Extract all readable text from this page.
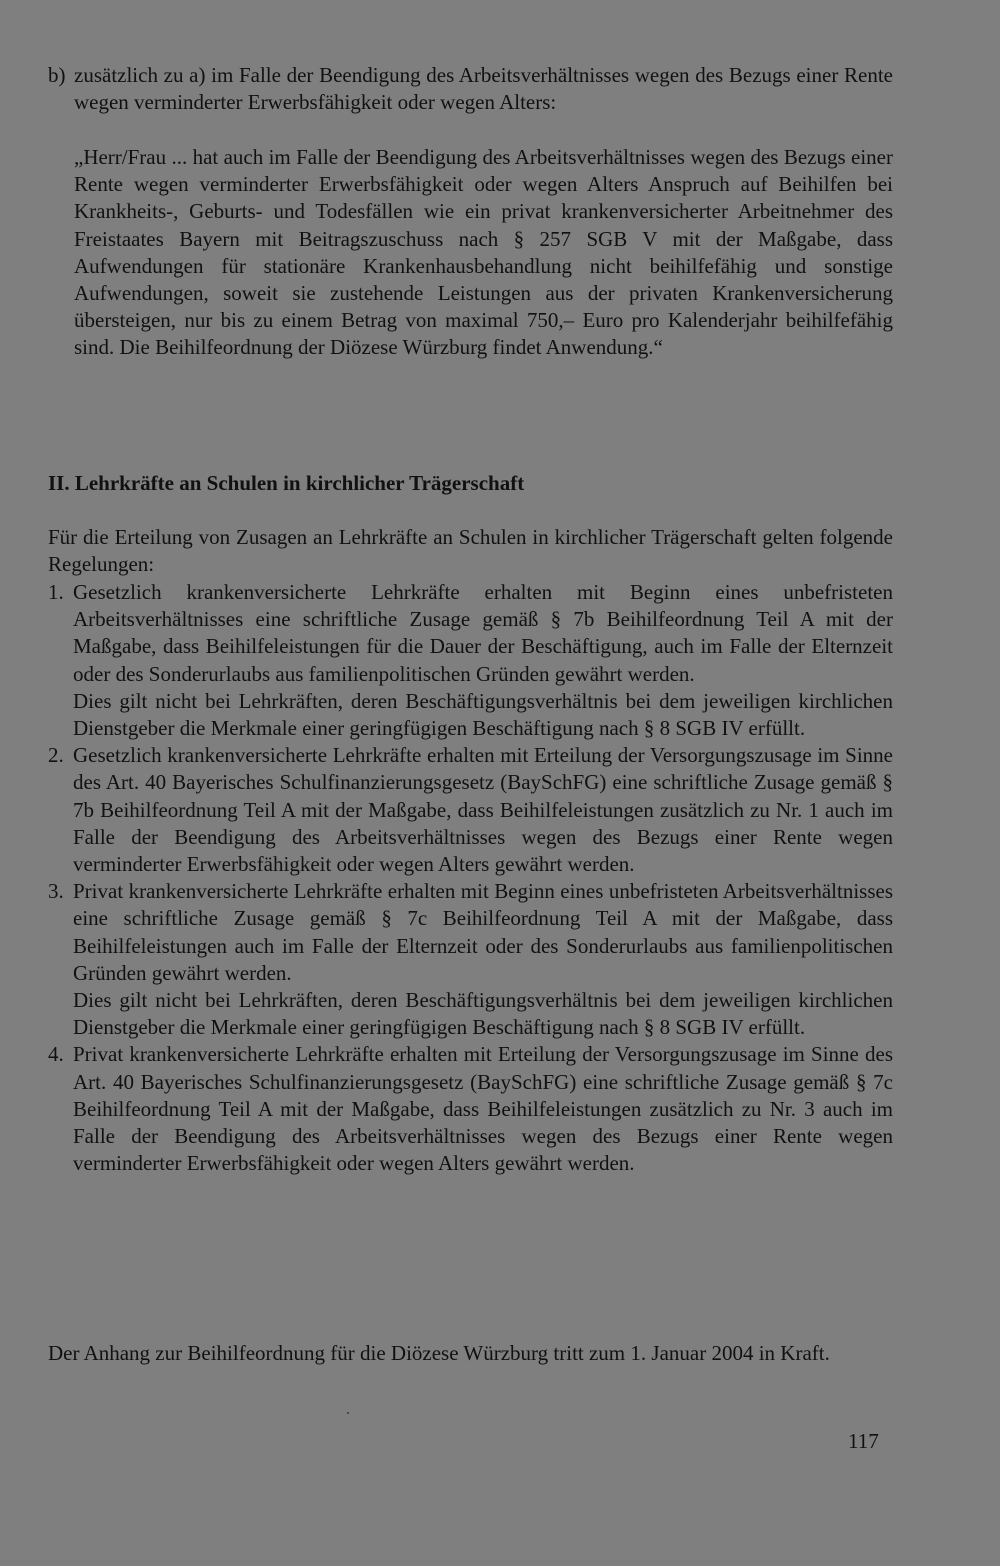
b) zusätzlich zu a) im Falle der Beendigung des Arbeitsverhältnisses wegen des Bezugs einer Rente wegen verminderter Erwerbsfähigkeit oder wegen Alters:
„Herr/Frau ... hat auch im Falle der Beendigung des Arbeitsverhältnisses wegen des Bezugs einer Rente wegen verminderter Erwerbsfähigkeit oder wegen Alters Anspruch auf Beihilfen bei Krankheits-, Geburts- und Todesfällen wie ein privat krankenversicherter Arbeitnehmer des Freistaates Bayern mit Beitragszuschuss nach § 257 SGB V mit der Maßgabe, dass Aufwendungen für stationäre Krankenhausbehandlung nicht beihilfefähig und sonstige Aufwendungen, soweit sie zustehende Leistungen aus der privaten Krankenversicherung übersteigen, nur bis zu einem Betrag von maximal 750,– Euro pro Kalenderjahr beihilfefähig sind. Die Beihilfeordnung der Diözese Würzburg findet Anwendung.“
II. Lehrkräfte an Schulen in kirchlicher Trägerschaft
Für die Erteilung von Zusagen an Lehrkräfte an Schulen in kirchlicher Trägerschaft gelten folgende Regelungen:
1. Gesetzlich krankenversicherte Lehrkräfte erhalten mit Beginn eines unbefristeten Arbeitsverhältnisses eine schriftliche Zusage gemäß § 7b Beihilfeordnung Teil A mit der Maßgabe, dass Beihilfeleistungen für die Dauer der Beschäftigung, auch im Falle der Elternzeit oder des Sonderurlaubs aus familienpolitischen Gründen gewährt werden.

Dies gilt nicht bei Lehrkräften, deren Beschäftigungsverhältnis bei dem jeweiligen kirchlichen Dienstgeber die Merkmale einer geringfügigen Beschäftigung nach § 8 SGB IV erfüllt.

2. Gesetzlich krankenversicherte Lehrkräfte erhalten mit Erteilung der Versorgungszusage im Sinne des Art. 40 Bayerisches Schulfinanzierungsgesetz (BaySchFG) eine schriftliche Zusage gemäß § 7b Beihilfeordnung Teil A mit der Maßgabe, dass Beihilfeleistungen zusätzlich zu Nr. 1 auch im Falle der Beendigung des Arbeitsverhältnisses wegen des Bezugs einer Rente wegen verminderter Erwerbsfähigkeit oder wegen Alters gewährt werden.

3. Privat krankenversicherte Lehrkräfte erhalten mit Beginn eines unbefristeten Arbeitsverhältnisses eine schriftliche Zusage gemäß § 7c Beihilfeordnung Teil A mit der Maßgabe, dass Beihilfeleistungen auch im Falle der Elternzeit oder des Sonderurlaubs aus familienpolitischen Gründen gewährt werden.

Dies gilt nicht bei Lehrkräften, deren Beschäftigungsverhältnis bei dem jeweiligen kirchlichen Dienstgeber die Merkmale einer geringfügigen Beschäftigung nach § 8 SGB IV erfüllt.

4. Privat krankenversicherte Lehrkräfte erhalten mit Erteilung der Versorgungszusage im Sinne des Art. 40 Bayerisches Schulfinanzierungsgesetz (BaySchFG) eine schriftliche Zusage gemäß § 7c Beihilfeordnung Teil A mit der Maßgabe, dass Beihilfeleistungen zusätzlich zu Nr. 3 auch im Falle der Beendigung des Arbeitsverhältnisses wegen des Bezugs einer Rente wegen verminderter Erwerbsfähigkeit oder wegen Alters gewährt werden.

Der Anhang zur Beihilfeordnung für die Diözese Würzburg tritt zum 1. Januar 2004 in Kraft.
117
